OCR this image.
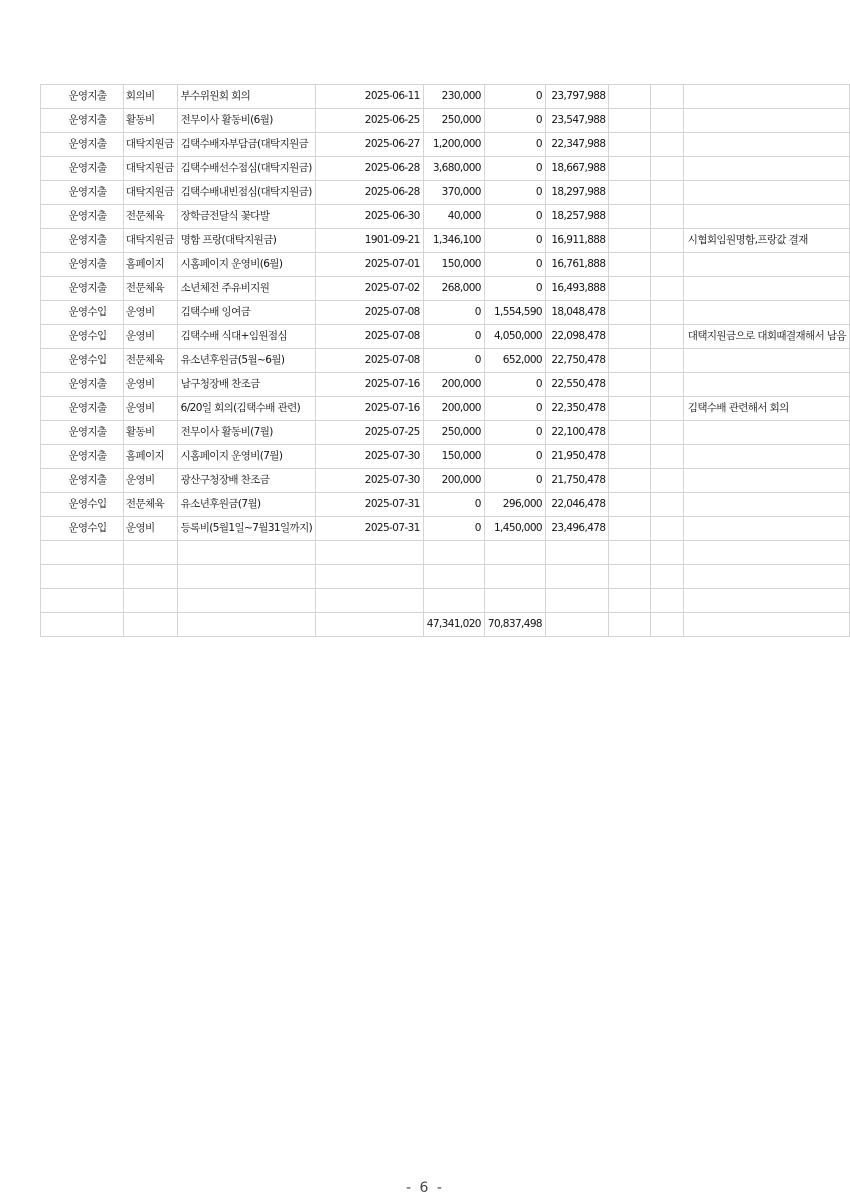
운영지출	회의비	부수위원회 회의	2025-06-11	230,000	0	23,797,988			
운영지출	활동비	전무이사 활동비(6월)	2025-06-25	250,000	0	23,547,988			
운영지출	대탁지원금	김택수배자부담금(대탁지원금	2025-06-27	1,200,000	0	22,347,988			
운영지출	대탁지원금	김택수배선수점심(대탁지원금)	2025-06-28	3,680,000	0	18,667,988			
운영지출	대탁지원금	김택수배내빈점심(대탁지원금)	2025-06-28	370,000	0	18,297,988			
운영지출	전문체육	장학금전달식 꽃다발	2025-06-30	40,000	0	18,257,988			
운영지출	대탁지원금	명함 프랑(대탁지원금)	1901-09-21	1,346,100	0	16,911,888			시협회임원명함,프랑값 결재
운영지출	홈페이지	시홈페이지 운영비(6월)	2025-07-01	150,000	0	16,761,888			
운영지출	전문체육	소년체전 주유비지원	2025-07-02	268,000	0	16,493,888			
운영수입	운영비	김택수배 잉여금	2025-07-08	0	1,554,590	18,048,478			
운영수입	운영비	김택수배 식대+임원점심	2025-07-08	0	4,050,000	22,098,478			대택지원금으로 대회때결재해서 남음
운영수입	전문체육	유소년후원금(5월~6월)	2025-07-08	0	652,000	22,750,478			
운영지출	운영비	남구청장배 찬조금	2025-07-16	200,000	0	22,550,478			
운영지출	운영비	6/20일 회의(김택수배 관련)	2025-07-16	200,000	0	22,350,478			김택수배 관련해서 회의
운영지출	활동비	전무이사 활동비(7월)	2025-07-25	250,000	0	22,100,478			
운영지출	홈페이지	시홈페이지 운영비(7월)	2025-07-30	150,000	0	21,950,478			
운영지출	운영비	광산구청장배 찬조금	2025-07-30	200,000	0	21,750,478			
운영수입	전문체육	유소년후원금(7월)	2025-07-31	0	296,000	22,046,478			
운영수입	운영비	등록비(5월1일~7월31일까지)	2025-07-31	0	1,450,000	23,496,478			

				47,341,020	70,837,498				
- 6 -
